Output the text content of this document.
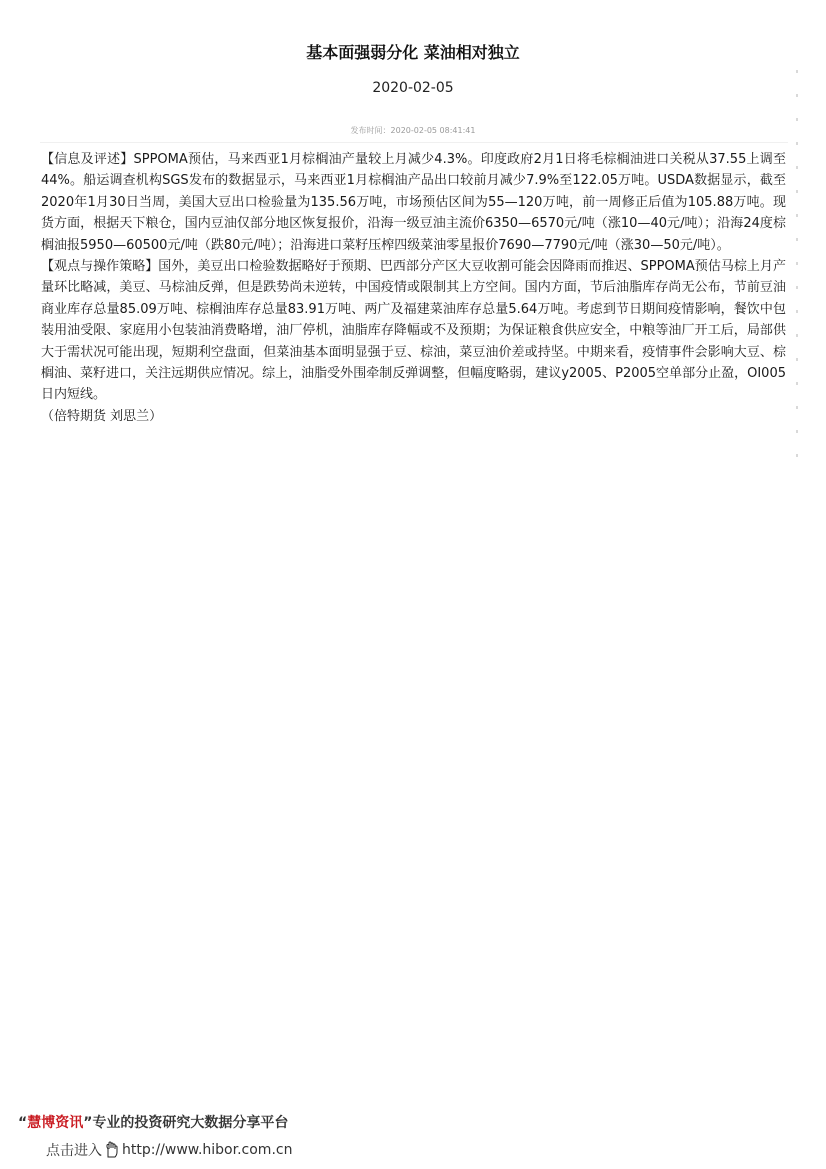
基本面强弱分化 菜油相对独立
2020-02-05
发布时间：2020-02-05 08:41:41

【信息及评述】SPPOMA预估，马来西亚1月棕榈油产量较上月减少4.3%。印度政府2月1日将毛棕榈油进口关税从37.55上调至44%。船运调查机构SGS发布的数据显示，马来西亚1月棕榈油产品出口较前月减少7.9%至122.05万吨。USDA数据显示，截至2020年1月30日当周，美国大豆出口检验量为135.56万吨，市场预估区间为55—120万吨，前一周修正后值为105.88万吨。现货方面，根据天下粮仓，国内豆油仅部分地区恢复报价，沿海一级豆油主流价6350—6570元/吨（涨10—40元/吨）；沿海24度棕榈油报5950—60500元/吨（跌80元/吨）；沿海进口菜籽压榨四级菜油零星报价7690—7790元/吨（涨30—50元/吨）。

【观点与操作策略】国外，美豆出口检验数据略好于预期、巴西部分产区大豆收割可能会因降雨而推迟、SPPOMA预估马棕上月产量环比略减，美豆、马棕油反弹，但是跌势尚未逆转，中国疫情或限制其上方空间。国内方面，节后油脂库存尚无公布，节前豆油商业库存总量85.09万吨、棕榈油库存总量83.91万吨、两广及福建菜油库存总量5.64万吨。考虑到节日期间疫情影响，餐饮中包装用油受限、家庭用小包装油消费略增，油厂停机，油脂库存降幅或不及预期；为保证粮食供应安全，中粮等油厂开工后，局部供大于需状况可能出现，短期利空盘面，但菜油基本面明显强于豆、棕油，菜豆油价差或持坚。中期来看，疫情事件会影响大豆、棕榈油、菜籽进口，关注远期供应情况。综上，油脂受外围牵制反弹调整，但幅度略弱，建议y2005、P2005空单部分止盈，OI005日内短线。

（倍特期货 刘思兰）

“慧博资讯”专业的投资研究大数据分享平台
点击进入 http://www.hibor.com.cn
